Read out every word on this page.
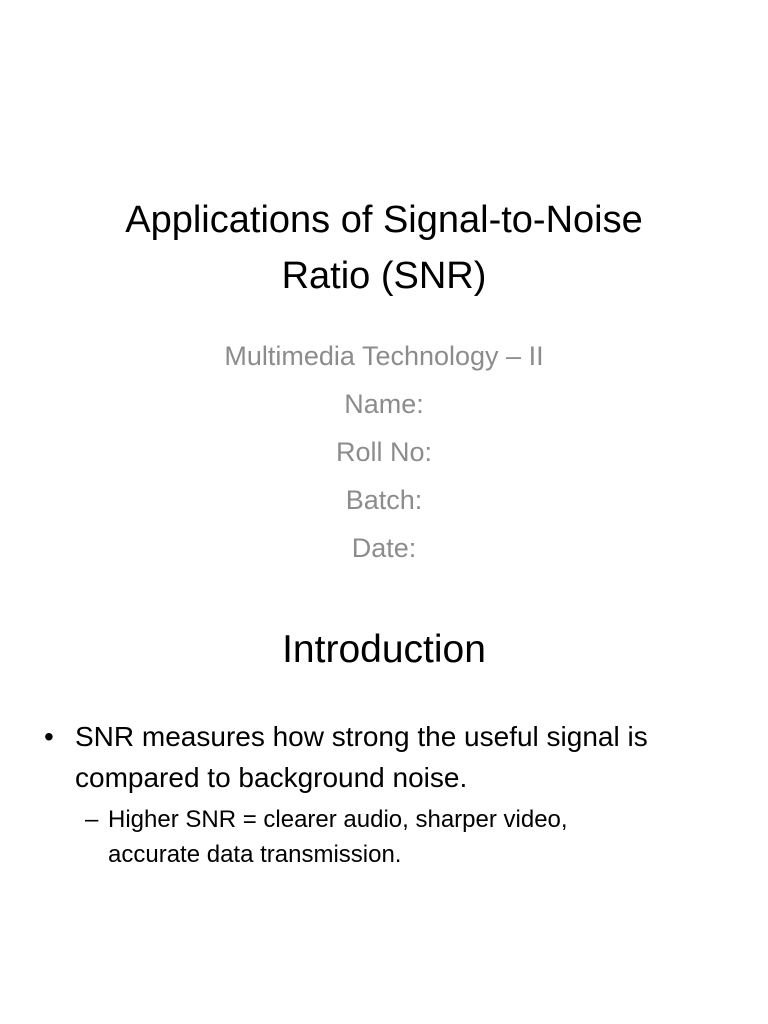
Applications of Signal-to-Noise
Ratio (SNR)
Multimedia Technology – II
Name:
Roll No:
Batch:
Date:
Introduction
• SNR measures how strong the useful signal is
compared to background noise.
– Higher SNR = clearer audio, sharper video,
accurate data transmission.
